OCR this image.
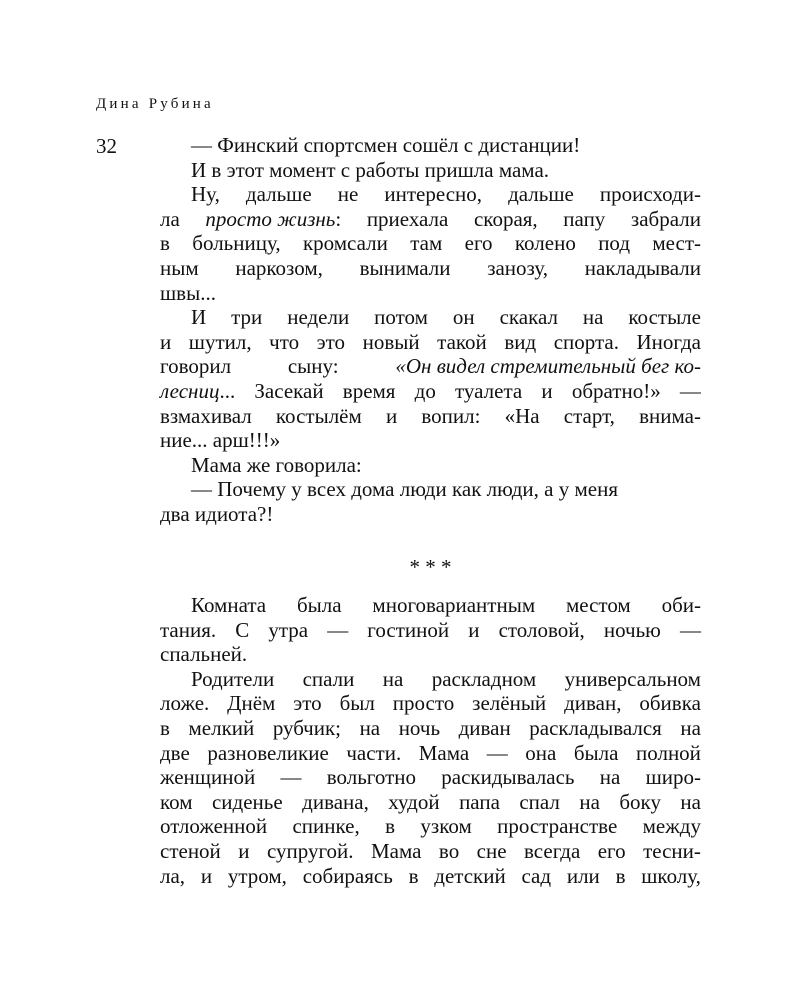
Дина Рубина
32	— Финский спортсмен сошёл с дистанции!
И в этот момент с работы пришла мама.
Ну, дальше не интересно, дальше происходи-
ла просто жизнь: приехала скорая, папу забрали
в больницу, кромсали там его колено под мест-
ным наркозом, вынимали занозу, накладывали
швы...
И три недели потом он скакал на костыле
и шутил, что это новый такой вид спорта. Иногда
говорил	сыну:	«Он видел стремительный бег ко-
лесниц... Засекай время до туалета и обратно!» —
взмахивал костылём и вопил: «На старт, внима-
ние... арш!!!»
Мама же говорила:
— Почему у всех дома люди как люди, а у меня
два идиота?!
* * *
Комната была многовариантным местом оби-
тания. С утра — гостиной и столовой, ночью —
спальней.
Родители спали на раскладном универсальном
ложе. Днём это был просто зелёный диван, обивка
в мелкий рубчик; на ночь диван раскладывался на
две разновеликие части. Мама — она была полной
женщиной — вольготно раскидывалась на широ-
ком сиденье дивана, худой папа спал на боку на
отложенной спинке, в узком пространстве между
стеной и супругой. Мама во сне всегда его тесни-
ла, и утром, собираясь в детский сад или в школу,
